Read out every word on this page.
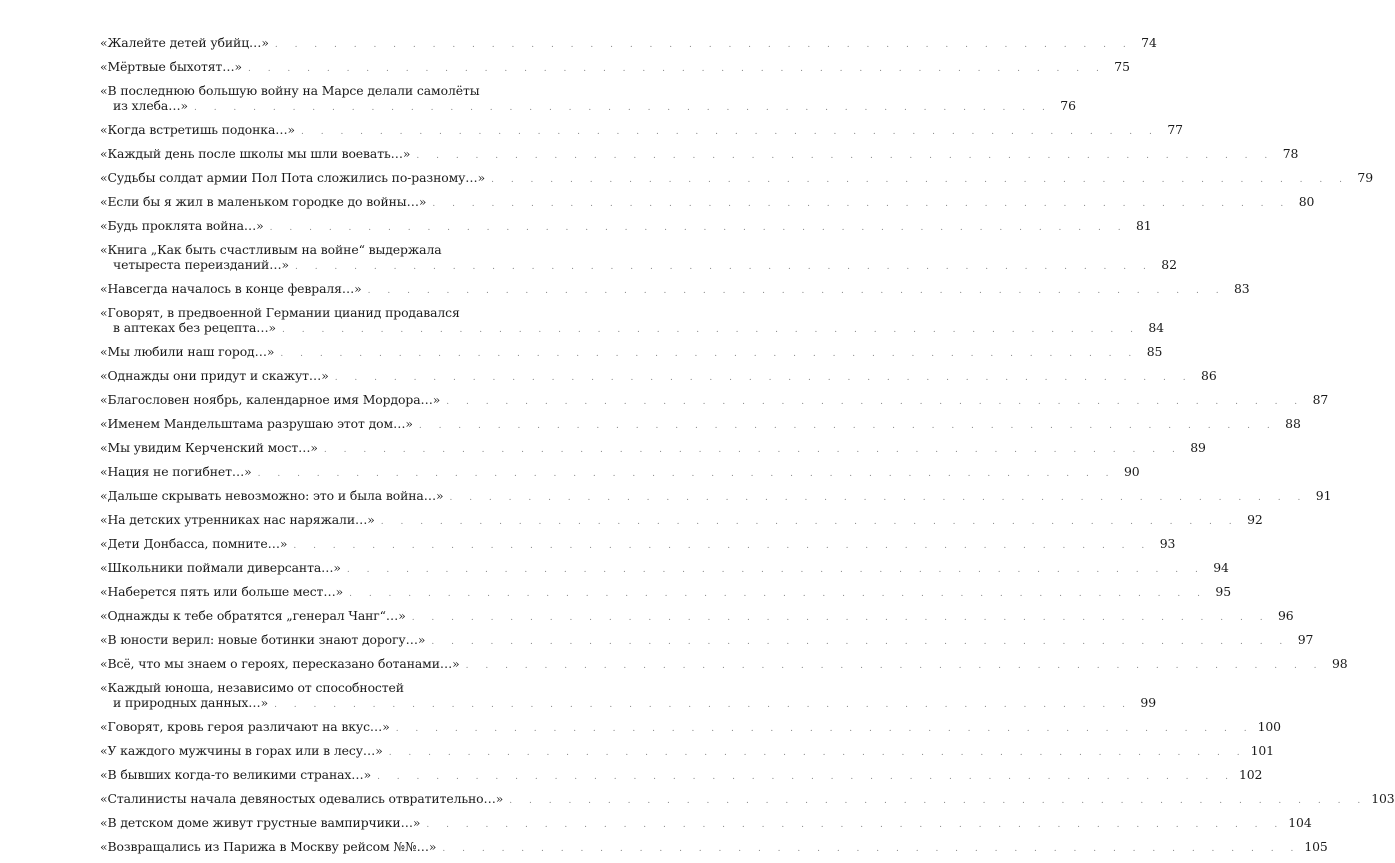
«Жалейте детей убийц…» . . . . . . . . . . . . . . . . . . . . . . . . . . . . . . . . . . . . . . . . . . . . 74
«Мёртвые быхотят…» . . . . . . . . . . . . . . . . . . . . . . . . . . . . . . . . . . . . . . . . . . . . 75
«В последнюю большую войну на Марсе делали самолёты
из хлеба…» . . . . . . . . . . . . . . . . . . . . . . . . . . . . . . . . . . . . . . . . . . . . 76
«Когда встретишь подонка…» . . . . . . . . . . . . . . . . . . . . . . . . . . . . . . . . . . . . . . . . . . . . 77
«Каждый день после школы мы шли воевать…» . . . . . . . . . . . . . . . . . . . . . . . . . . . . . . . . . . . . . . . . . . . . 78
«Судьбы солдат армии Пол Пота сложились по-разному…» . . . . . . . . . . . . . . . . . . . . . . . . . . . . . . . . . . . . . . . . . . . . 79
«Если бы я жил в маленьком городке до войны…» . . . . . . . . . . . . . . . . . . . . . . . . . . . . . . . . . . . . . . . . . . . . 80
«Будь проклята война…» . . . . . . . . . . . . . . . . . . . . . . . . . . . . . . . . . . . . . . . . . . . . 81
«Книга „Как быть счастливым на войне“ выдержала
четыреста переизданий…» . . . . . . . . . . . . . . . . . . . . . . . . . . . . . . . . . . . . . . . . . . . . 82
«Навсегда началось в конце февраля…» . . . . . . . . . . . . . . . . . . . . . . . . . . . . . . . . . . . . . . . . . . . . 83
«Говорят, в предвоенной Германии цианид продавался
в аптеках без рецепта…» . . . . . . . . . . . . . . . . . . . . . . . . . . . . . . . . . . . . . . . . . . . . 84
«Мы любили наш город…» . . . . . . . . . . . . . . . . . . . . . . . . . . . . . . . . . . . . . . . . . . . . 85
«Однажды они придут и скажут…» . . . . . . . . . . . . . . . . . . . . . . . . . . . . . . . . . . . . . . . . . . . . 86
«Благословен ноябрь, календарное имя Мордора…» . . . . . . . . . . . . . . . . . . . . . . . . . . . . . . . . . . . . . . . . . . . . 87
«Именем Мандельштама разрушаю этот дом…» . . . . . . . . . . . . . . . . . . . . . . . . . . . . . . . . . . . . . . . . . . . . 88
«Мы увидим Керченский мост…» . . . . . . . . . . . . . . . . . . . . . . . . . . . . . . . . . . . . . . . . . . . . 89
«Нация не погибнет…» . . . . . . . . . . . . . . . . . . . . . . . . . . . . . . . . . . . . . . . . . . . . 90
«Дальше скрывать невозможно: это и была война…» . . . . . . . . . . . . . . . . . . . . . . . . . . . . . . . . . . . . . . . . . . . . 91
«На детских утренниках нас наряжали…» . . . . . . . . . . . . . . . . . . . . . . . . . . . . . . . . . . . . . . . . . . . . 92
«Дети Донбасса, помните…» . . . . . . . . . . . . . . . . . . . . . . . . . . . . . . . . . . . . . . . . . . . . 93
«Школьники поймали диверсанта…» . . . . . . . . . . . . . . . . . . . . . . . . . . . . . . . . . . . . . . . . . . . . 94
«Наберется пять или больше мест…» . . . . . . . . . . . . . . . . . . . . . . . . . . . . . . . . . . . . . . . . . . . . 95
«Однажды к тебе обратятся „генерал Чанг“…» . . . . . . . . . . . . . . . . . . . . . . . . . . . . . . . . . . . . . . . . . . . . 96
«В юности верил: новые ботинки знают дорогу…» . . . . . . . . . . . . . . . . . . . . . . . . . . . . . . . . . . . . . . . . . . . . 97
«Всё, что мы знаем о героях, пересказано ботанами…» . . . . . . . . . . . . . . . . . . . . . . . . . . . . . . . . . . . . . . . . . . . . 98
«Каждый юноша, независимо от способностей
и природных данных…» . . . . . . . . . . . . . . . . . . . . . . . . . . . . . . . . . . . . . . . . . . . . 99
«Говорят, кровь героя различают на вкус…» . . . . . . . . . . . . . . . . . . . . . . . . . . . . . . . . . . . . . . . . . . . . 100
«У каждого мужчины в горах или в лесу…» . . . . . . . . . . . . . . . . . . . . . . . . . . . . . . . . . . . . . . . . . . . . 101
«В бывших когда-то великими странах…» . . . . . . . . . . . . . . . . . . . . . . . . . . . . . . . . . . . . . . . . . . . . 102
«Сталинисты начала девяностых одевались отвратительно…» . . . . . . . . . . . . . . . . . . . . . . . . . . . . . . . . . . . . . . . . . . . . 103
«В детском доме живут грустные вампирчики…» . . . . . . . . . . . . . . . . . . . . . . . . . . . . . . . . . . . . . . . . . . . . 104
«Возвращались из Парижа в Москву рейсом №№…» . . . . . . . . . . . . . . . . . . . . . . . . . . . . . . . . . . . . . . . . . . . . 105
